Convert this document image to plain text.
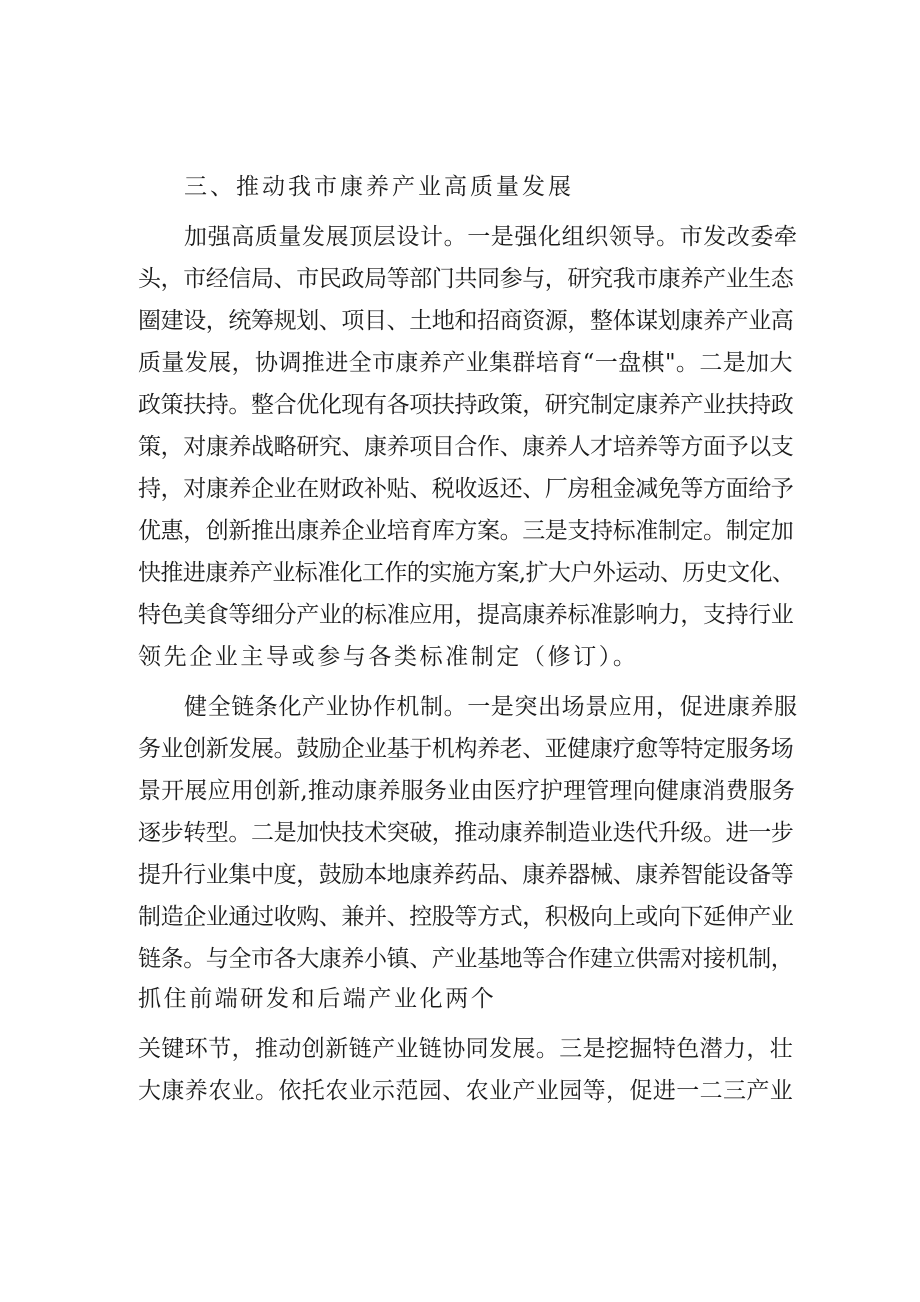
三、推动我市康养产业高质量发展
加强高质量发展顶层设计。一是强化组织领导。市发改委牵
头，市经信局、市民政局等部门共同参与，研究我市康养产业生态
圈建设，统筹规划、项目、土地和招商资源，整体谋划康养产业高
质量发展，协调推进全市康养产业集群培育“一盘棋"。二是加大
政策扶持。整合优化现有各项扶持政策，研究制定康养产业扶持政
策，对康养战略研究、康养项目合作、康养人才培养等方面予以支
持，对康养企业在财政补贴、税收返还、厂房租金减免等方面给予
优惠，创新推出康养企业培育库方案。三是支持标准制定。制定加
快推进康养产业标准化工作的实施方案,扩大户外运动、历史文化、
特色美食等细分产业的标准应用，提高康养标准影响力，支持行业
领先企业主导或参与各类标准制定（修订）。
健全链条化产业协作机制。一是突出场景应用，促进康养服
务业创新发展。鼓励企业基于机构养老、亚健康疗愈等特定服务场
景开展应用创新,推动康养服务业由医疗护理管理向健康消费服务
逐步转型。二是加快技术突破，推动康养制造业迭代升级。进一步
提升行业集中度，鼓励本地康养药品、康养器械、康养智能设备等
制造企业通过收购、兼并、控股等方式，积极向上或向下延伸产业
链条。与全市各大康养小镇、产业基地等合作建立供需对接机制，
抓住前端研发和后端产业化两个
关键环节，推动创新链产业链协同发展。三是挖掘特色潜力，壮
大康养农业。依托农业示范园、农业产业园等，促进一二三产业
